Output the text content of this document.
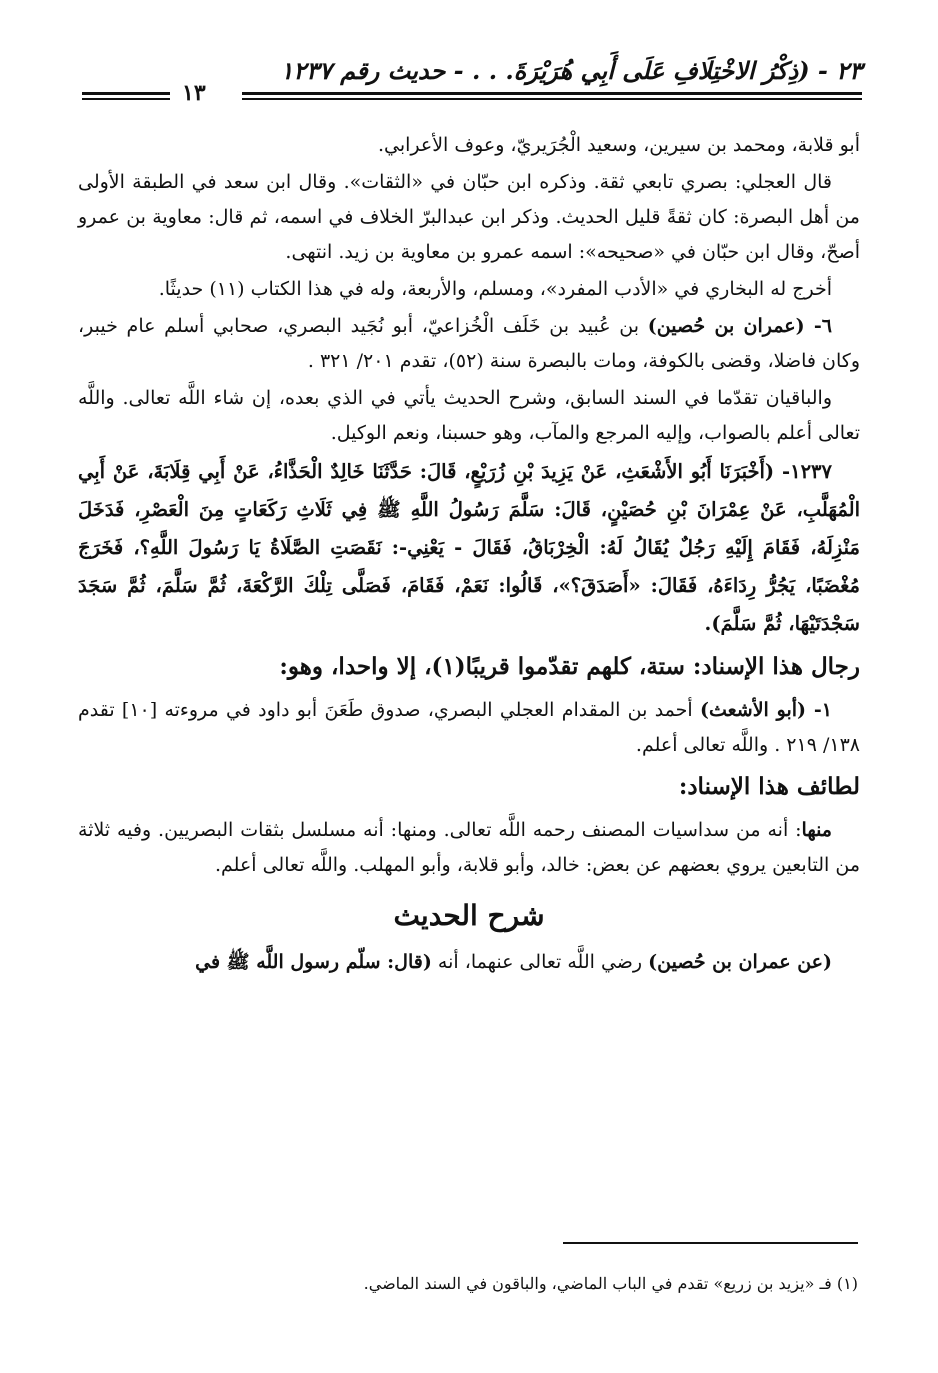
٢٣ - (ذِكْرُ الاخْتِلَافِ عَلَى أَبِي هُرَيْرَةَ. . . - حديث رقم ١٢٣٧
١٣

أبو قلابة، ومحمد بن سيرين، وسعيد الْجُرَيريّ، وعوف الأعرابي.

قال العجلي: بصري تابعي ثقة. وذكره ابن حبّان في «الثقات». وقال ابن سعد في الطبقة الأولى من أهل البصرة: كان ثقةً قليل الحديث. وذكر ابن عبدالبرّ الخلاف في اسمه، ثم قال: معاوية بن عمرو أصحّ، وقال ابن حبّان في «صحيحه»: اسمه عمرو بن معاوية بن زيد. انتهى.

أخرج له البخاري في «الأدب المفرد»، ومسلم، والأربعة، وله في هذا الكتاب (١١) حديثًا.

٦- (عمران بن حُصين) بن عُبيد بن خَلَف الْخُزاعيّ، أبو نُجَيد البصري، صحابي أسلم عام خيبر، وكان فاضلا، وقضى بالكوفة، ومات بالبصرة سنة (٥٢)، تقدم ٢٠١/ ٣٢١ .

والباقيان تقدّما في السند السابق، وشرح الحديث يأتي في الذي بعده، إن شاء اللَّه تعالى. واللَّه تعالى أعلم بالصواب، وإليه المرجع والمآب، وهو حسبنا، ونعم الوكيل.

١٢٣٧- (أَخْبَرَنَا أَبُو الأَشْعَثِ، عَنْ يَزِيدَ بْنِ زُرَيْعٍ، قَالَ: حَدَّثَنَا خَالِدٌ الْحَذَّاءُ، عَنْ أَبِي قِلَابَةَ، عَنْ أَبِي الْمُهَلَّبِ، عَنْ عِمْرَانَ بْنِ حُصَيْنٍ، قَالَ: سَلَّمَ رَسُولُ اللَّهِ ﷺ فِي ثَلَاثِ رَكَعَاتٍ مِنَ الْعَصْرِ، فَدَخَلَ مَنْزِلَهُ، فَقَامَ إِلَيْهِ رَجُلٌ يُقَالُ لَهُ: الْخِرْبَاقُ، فَقَالَ - يَعْنِي-: نَقَصَتِ الصَّلَاةُ يَا رَسُولَ اللَّهِ؟، فَخَرَجَ مُغْضَبًا، يَجُرُّ رِدَاءَهُ، فَقَالَ: «أَصَدَقَ؟»، قَالُوا: نَعَمْ، فَقَامَ، فَصَلَّى تِلْكَ الرَّكْعَةَ، ثُمَّ سَلَّمَ، ثُمَّ سَجَدَ سَجْدَتَيْهَا، ثُمَّ سَلَّمَ).

رجال هذا الإسناد: ستة، كلهم تقدّموا قريبًا(١)، إلا واحدا، وهو:

١- (أبو الأشعث) أحمد بن المقدام العجلي البصري، صدوق طَعَنَ أبو داود في مروءته [١٠] تقدم ١٣٨/ ٢١٩ . واللَّه تعالى أعلم.

لطائف هذا الإسناد:

منها: أنه من سداسيات المصنف رحمه اللَّه تعالى. ومنها: أنه مسلسل بثقات البصريين. وفيه ثلاثة من التابعين يروي بعضهم عن بعض: خالد، وأبو قلابة، وأبو المهلب. واللَّه تعالى أعلم.

شرح الحديث

(عن عمران بن حُصين) رضي اللَّه تعالى عنهما، أنه (قال: سلّم رسول اللَّه ﷺ في

(١) فـ «يزيد بن زريع» تقدم في الباب الماضي، والباقون في السند الماضي.
